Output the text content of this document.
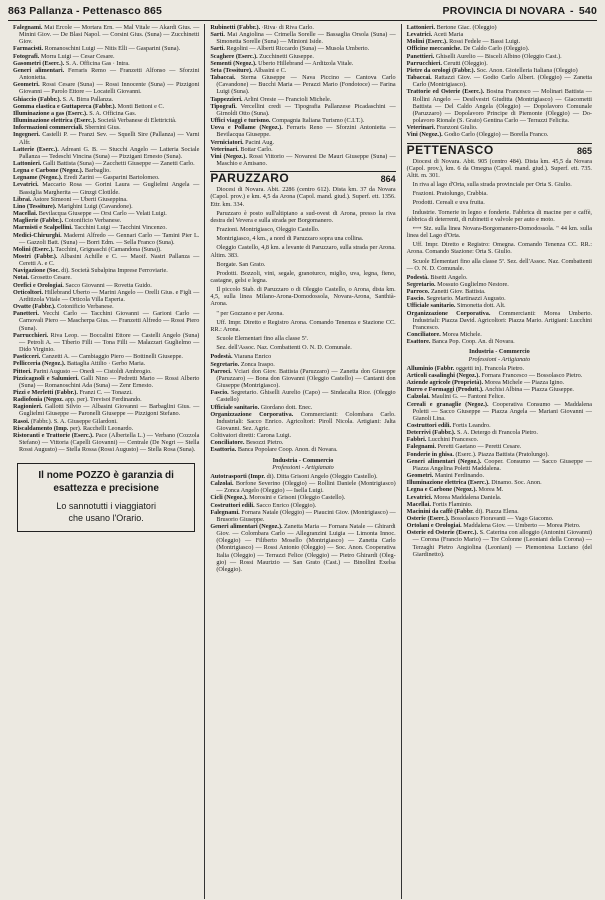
863 Pallanza - Pettenasco 865	PROVINCIA DI NOVARA - 540

Falegnami. Mai Ercole — Mortara Ern. — Mal Vitale — Akardi Gius. — Minini Giov. — De Blasi Napol. — Corsini Gius. (Suna) — Zucchinetti Giov.

Farmacisti. Romanoschini Luigi — Nitis Elli — Gasparini (Suna).

Fotografi. Morra Luigi — Cesar Cesare.

Gasometri (Eserc.). S. A. Officina Gas · Intra.

Generi alimentari. Ferraris Remo — Franzetti Alfonso — Sforzini Antonietta.

Geometri. Rossi Cesare (Suna) — Rossi Innocente (Suna) — Pizzigoni Giovanni — Parolo Ettore — Locatelli Giovanni.

Ghiaccio (Fabbr.). S. A. Birra Pallanza.

Gomma elastica e Guttaperca (Fabbr.). Monti Bettoni e C.

Illuminazione a gas (Eserc.). S. A. Officina Gas.

Illuminazione elettrica (Eserc.). Società Verbanese di Elettricità.

Informazioni commerciali. Sbernini Gius.

Ingegneri. Castelli P. — Franzi Sev. — Squelli Sire (Pallanza) — Varni Alfr.

Latterie (Eserc.). Adreani G. B. — Stucchi Angelo — Latteria Sociale Pallanza — Tedeschi Vincina (Suna) — Pizzigani Ernesto (Suna).

Lattonieri. Galli Battista (Suna) — Zacchetti Giuseppe — Zanetti Carlo.

Legna e Carbone (Negoz.). Barbaglio.

Legname (Negoz.). Eredi Zarini — Gasparini Bartolomeo.

Levatrici. Maccario Rosa — Gorini Laura — Guglielmi Angela — Bassiglia Margherita — Ginzgi Clotilde.

Librai. Astore Simeoni — Uberti Giuseppina.

Lino (Tessiture). Marighini Luigi (Cavandone).

Macellai. Bevilacqua Giuseppe — Orsi Carlo — Velati Luigi.

Maglierie (Fabbr.). Cotonificio Verbanese.

Marmisti e Scalpellini. Tacchini Luigi — Tacchini Vincenzo.

Medici-Chirurghi. Maderni Alfredo — Gennari Carlo — Tamini Pier L. — Gazzoli Batt. (Suna) — Borri Edm. — Sella Franco (Suna).

Molini (Eserc.). Tacchini, Grignaschi (Camandona (Suna)).

Mostri (Fabbr.). Albasini Achille e C. — Maoif. Nastri Pallanza — Ceretti A. e C.

Navigazione (Soc. di). Società Subalpina Imprese Ferroviarie.

Notai. Grosetto Cesare.

Orefici e Orologiai. Sacco Giovanni — Rovetta Guido.

Orticoltori. Hillebrand Uberto — Marini Angelo — Orelli Gius. e Figli — Arditizola Vitale — Orticola Villa Esperia.

Ovatte (Fabbr.). Cotonificio Verbanese.

Panetteri. Vecchi Carlo — Tacchini Giovanni — Garioni Carlo — Carnovali Piero — Mascherpa Gius. — Franzetti Alfredo — Rossi Piero (Suna).

Parrucchieri. Riva Leop. — Boccalini Ettore — Castelli Angelo (Suna) — Petroli A. — Tiberio Filli — Tona Filli — Malazzari Guglielmo — Dido Virginio.

Pasticceri. Canzetti A. — Cambiaggio Piero — Bottinelli Giuseppe.

Pellicceria (Negoz.). Battaglia Attilio · Gerbo Maria.

Pittori. Parini Augusto — Onedi — Cistoldi Ambrogio.

Pizzicagnoli e Salumieri. Galli Nino — Pedretti Mario — Rossi Alberto (Suna) — Romanoschini Ada (Suna) — Zenr Ernesto.

Pizzi e Merletti (Fabbr.). Franzi C. — Tonazzi.

Radiofonia (Negoz. app. per). Trevisoi Ferdinando.

Ragionieri. Gallotti Silvio — Albasini Giovanni — Barbaglini Gius. — Guglielmi Giuseppe — Paronelli Giuseppe — Pizzigoni Stefano.

Rasoi. (Fabbr.). S. A. Giuseppe Gilardoni.

Riscaldamento (Imp. per). Racchelli Leonardo.

Ristoranti e Trattorie (Eserc.). Pace (Albertella L.) — Verbano (Cozzola Stefano) — Vittoria (Capelli Giovanni) — Centrale (De Negri — Stella Rossi Augusto) — Stella Rossa (Rossi Augusto) — Stella Rosa (Suna).

Il nome POZZO è garanzia di
esattezza e precisione
Lo sannotutti i viaggiatori
che usano l'Orario.

Rubinetti (Fabbr.). ·Riva· di Riva Carlo.

Sarti. Mai Angiolina — Crimella Sorelle — Bassaglia Orsola (Suna) — Simonetta Sorelle (Suna) — Minioni Iside.

Sarti. Regolini — Alberti Riccardo (Suna) — Musola Umberto.

Scaghere (Eserc.). Zucchinetti Giuseppe.

Sementi (Negoz.). Uberto Hillebrand — Arditzola Vitale.

Seta (Tessiture). Albasini e C.

Tabaccai. Sterna Giuseppe — Nava Piccino — Cantova Carlo (Cavandone) — Bucchi Maria — Perazzi Mario (Fondotoce) — Farina Luigi (Suna).

Tappezzieri. Arlini Oreste — Francioli Michele.

Tipografi. Vercellini credi — Tipografia Pallanzese Picadaschini — Girnoldi Otto (Suna).

Uffici viaggi e turismo. Compagnia Italiana Turismo (C.I.T.).

Uova e Pollame (Negoz.). Ferraris Reno — Sforzini Antonietta — Bevilacqua Giuseppe.

Verniciatori. Pacini Aug.

Veterinari. Bottar Carlo.

Vini (Negoz.). Rossi Vittorio — Novaresi De Mauri Giuseppe (Suna) — Maschio e Amisano.

PARUZZARO	864

Diocesi di Novara. Abit. 2286 (centro 612). Dista km. 37 da Novara (Capol. prov.) e km. 4,5 da Arona (Capol. mand. giud.). Superf. ett. 1356. Ettr. km. 334.

Paruzzaro è posto sull'altipiano a sud-ovest di Arona, presso la riva destra del Vevera e sulla strada per Borgomanero.

Frazioni. Montrigiasco, Oleggio Castello.

Montrigiasco, 4 km., a nord di Paruzzaro sopra una collina.

Oleggio Castello, 4,8 km. a levante di Paruzzaro, sulla strada per Arona. Altim. 383.

Borgate. San Grato.

Prodotti. Bozzoli, vini, segale, granoturco, miglio, uva, legna, fieno, castagne, gelsi e legna.

Il piccolo Stab. di Paruzzaro o di Oleggio Castello, o Arona, dista km. 4,5, sulla linea Milano-Arona-Domodossola, Novara-Arona, Santhià-Arona.

" per Gozzano e per Arona.

Uff. Impr. Diretto e Registro Arona. Comando Tenenza e Stazione CC. RR.: Arona.

Scuole Elementari fino alla classe 5ª.

Sez. dell'Assoc. Naz. Combattenti O. N. D. Comunale.

Podestà. Viarana Enrico

Segretario. Zonca Iraspo.

Parroci. Vciari don Giov. Battista (Paruzzaro) — Zanetta don Giuseppe (Paruzzaro) — Bona don Giovanni (Oleggio Castello) — Cantanti don Giuseppe (Montrigiasco).

Fascio. Segretario. Ghiselli Aurelio (Capo) — Sindacalia Rice. (Oleggio Castello)

Ufficiale sanitario. Giordano dott. Enec.

Organizzazione Corporativa. Commercianti: Colombara Carlo. Industriali: Sacco Enrico. Agricoltori: Piroll Nicola. Artigiani: Jalta Giovanni. Sez. Agric.

Coltivatori diretti: Carona Luigi.

Conciliatore. Besozzi Pietro.

Esattoria. Banca Popolare Coop. Anon. di Novara.

Industria - Commercio
Professioni - Artigianato

Autotrasporti (Impr. di). Ditta Grisoni Angelo (Oleggio Castello).

Calzolai. Borfone Severino (Oleggio) — Rollini Daniele (Montrigiasco) — Zonca Angelo (Oleggio) — Isella Luigi.

Cicli (Negoz.). Morosini e Grisoni (Oleggio Castello).

Costruttori edili. Sacco Enrico (Oleggio).

Falegnami. Fornara Natale (Oleggio) — Piaucini Giov. (Montrigiasco) — Brusorio Giuseppe.

Generi alimentari (Negoz.). Zanetta Maria — Fornara Natale — Ghirardi Giov. — Colombara Carlo — Allegranzini Luigia — Limonta Innoc. (Oleggio) — Filiberto Mosello (Montrigiasco) — Zanetta Carlo (Montrigiasco) — Rossi Antonio (Oleggio) — Soc. Anon. Cooperativa Italia (Oleggio) — Terrazzi Felice (Oleggio) — Pietro Ghirardi (Oleggio) — Rossi Maurizio — San Grato (Cast.) — Binollini Exelsa (Oleggio).

Lattonieri. Bertone Giac. (Oleggio)

Levatrici. Aceti Maria

Molini (Eserc.). Rossi Fedele — Bassi Luigi.

Officine meccaniche. De Caldo Carlo (Oleggio).

Panettieri. Ghiselli Aurelio — Bisceli Albino (Oleggio Cast.).

Parrucchieri. Cerutti (Oleggio).

Pietre da orologi (Fabbr.). Soc. Anon. Gioielleria Italiana (Oleggio)

Tabaccai. Rattazzi Giov. — Godio Carlo Albert. (Oleggio) — Zanetta Carlo (Montrigiasco).

Trattorie ed Osterie (Eserc.). Bosina Francesco — Molinari Battista — Rollini Angelo — Desilvestri Giuditta (Montrigiasco) — Giacometti Battista — Del Caldo Angela (Oleggio) — Dopolavoro Comunale (Paruzzaro) — Dopolavoro Principe di Piemonte (Oleggio) — Dopolavoro Rionale (S. Grato) Gentina Carlo — Terrazzi Felicita.

Veterinari. Franzoni Giulio.

Vini (Negoz.). Godio Carlo (Oleggio) — Borella Franco.

PETTENASCO	865

Diocesi di Novara. Abit. 905 (centro 484). Dista km. 45,5 da Novara (Capol. prov.), km. 6 da Omegna (Capol. mand. giud.). Superf. ett. 735. Altit. m. 301.

In riva al lago d'Orta, sulla strada provinciale per Orta S. Giulio.

Frazioni. Pratolungo, Crabbia.

Prodotti. Cereali e uva fruita.

Industrie. Tornerie in legno e fonderie. Fabbrica di macine per e caffè, fabbrica di deterrenti, di rubinetti e valvole per auto e moto.

⟷ Stz. sulla linea Novara-Borgomanero-Domodossola. " 44 km. sulla linea del Lago d'Orta.

Uff. Impr. Diretto e Registro: Omegna. Comando Tenenza CC. RR.: Arona. Comando Stazione: Orta S. Giulio.

Scuole Elementari fino alla classe 5ª. Sez. dell'Assoc. Naz. Combattenti — O. N. D. Comunale.

Podestà. Bisetti Angelo.

Segretario. Mossuto Guglielmo Nestore.

Parroco. Zanetti Giov. Battista.

Fascio. Segretario. Martinazzi Augusto.

Ufficiale sanitario. Simonetta dott. Alt.

Organizzazione Corporativa. Commercianti: Morea Umberto. Industriali: Piazza David. Agricoltori: Piazza Mario. Artigiani: Lucchini Francesco.

Conciliatore. Morea Michele.

Esattore. Banca Pop. Coop. An. di Novara.

Industria - Commercio
Professioni - Artigianato

Alluminio (Fabbr. oggetti in). Francola Pietro.

Articoli casalinghi (Negoz.). Fornara Francesco — Bossolasco Pietro.

Aziende agricole (Proprietà). Morea Michele — Piazza Igino.

Burro e Formaggi (Produtt.). Anchisi Albina — Piazza Giuseppe.

Calzolai. Maulini G. — Fantoni Felice.

Cereali e granaglie (Negoz.). Cooperativa Consumo — Maddalena Poletti — Sacco Giuseppe — Piazza Angela — Mariani Giovanni — Gianoli Lina.

Costruttori edili. Fortis Leandro.

Deterrivi (Fabbr.). S. A. Detergo di Francola Pietro.

Fabbri. Lucchini Francesco.

Falegnami. Peretti Gaetano — Peretti Cesare.

Fonderie in ghisa. (Eserc.). Piazza Battista (Pratolungo).

Generi alimentari (Negoz.). Cooper. Consumo — Sacco Giuseppe — Piazza Angelina Poletti Maddalena.

Geometri. Manini Ferdinando.

Illuminazione elettrica (Eserc.). Dinamo. Soc. Anon.

Legna e Carbone (Negoz.). Morea M.

Levatrici. Morea Maddalena Daniela.

Macellai. Fortis Flaminio.

Macinini da caffè (Fabbr. di). Piazza Elena.

Osterie (Eserc.). Bossolasco Fioravanti — Vago Giacomo.

Ortolani e Orologiai. Maddalena Giov. — Umberto — Morea Pietro.

Osterie ed Osterie (Eserc.). S. Caterina con alloggio (Antonini Giovanni) — Corona (Francio Mario) — Tre Colonne (Leoniani della Corona) — Terzaghi Pietro Angiolina (Leoniani) — Piemontesa Luciano (del Giardinetto).
